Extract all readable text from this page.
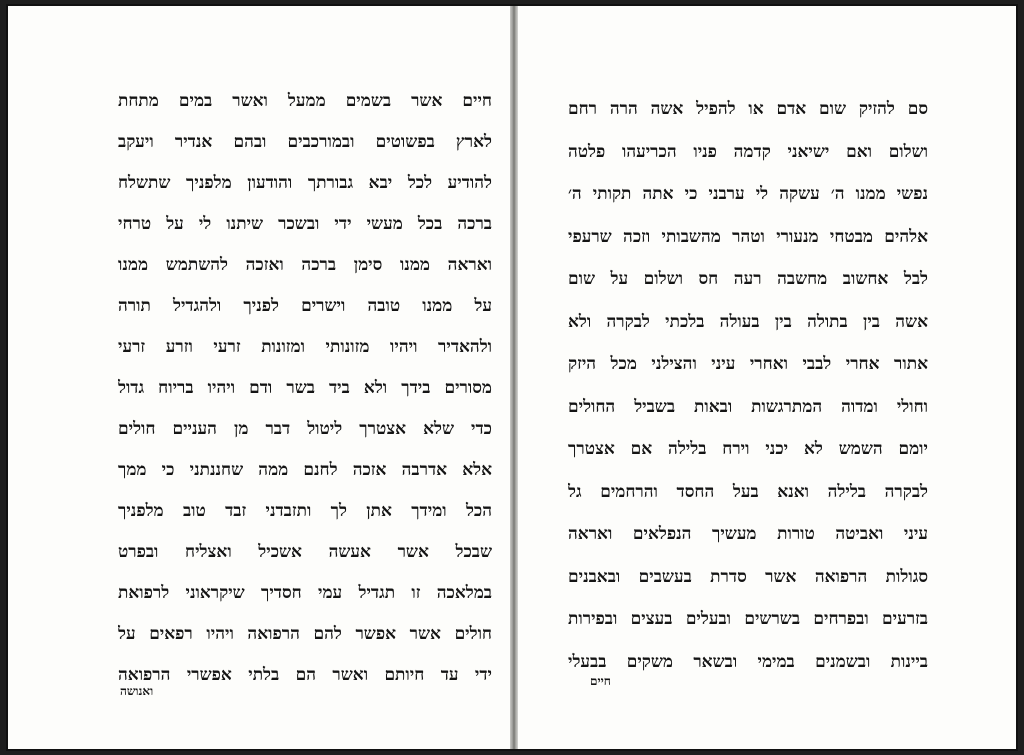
חיים אשר בשמים ממעל ואשר במים מתחת
לארץ בפשוטים ובמורכבים ובהם אנדיר ויעקב
להודיע לכל יבא גבורתך והודעון מלפניך שתשלח
ברכה בכל מעשי ידי ובשכר שיתנו לי על טרחי
ואראה ממנו סימן ברכה ואזכה להשתמש ממנו
על ממנו טובה וישרים לפניך ולהגדיל תורה
ולהאדיר ויהיו מזונותי ומזונות זרעי וזרע זרעי
מסורים בידך ולא ביד בשר ודם ויהיו בריוח גדול
כדי שלא אצטרך ליטול דבר מן העניים חולים
אלא אדרבה אזכה לחנם ממה שחננתני כי ממך
הכל ומידך אתן לך ותזבדני זבד טוב מלפניך
שבכל אשר אעשה אשכיל ואצליח ובפרט
במלאכה זו תגדיל עמי חסדיך שיקראוני לרפואת
חולים אשר אפשר להם הרפואה ויהיו רפאים על
ידי עד חיותם ואשר הם בלתי אפשרי הרפואה
ואנושה
סם להזיק שום אדם או להפיל אשה הרה רחם
ושלום ואם ישיאני קדמה פניו הכריעהו פלטה
נפשי ממנו ה׳ עשקה לי ערבני כי אתה תקותי ה׳
אלהים מבטחי מנעורי וטהר מהשבותי וזכה שרעפי
לבל אחשוב מחשבה רעה חס ושלום על שום
אשה בין בתולה בין בעולה בלכתי לבקרה ולא
אתור אחרי לבבי ואחרי עיני והצילני מכל היזק
וחולי ומדוה המתרגשות ובאות בשביל החולים
יומם השמש לא יכני וירח בלילה אם אצטרך
לבקרה בלילה ואנא בעל החסד והרחמים גל
עיני ואביטה טורות מעשיך הנפלאים ואראה
סגולות הרפואה אשר סדרת בעשבים ובאבנים
בזרעים ובפרחים בשרשים ובעלים בעצים ובפירות
ביינות ובשמנים במימי ובשאר משקים בבעלי
חיים
